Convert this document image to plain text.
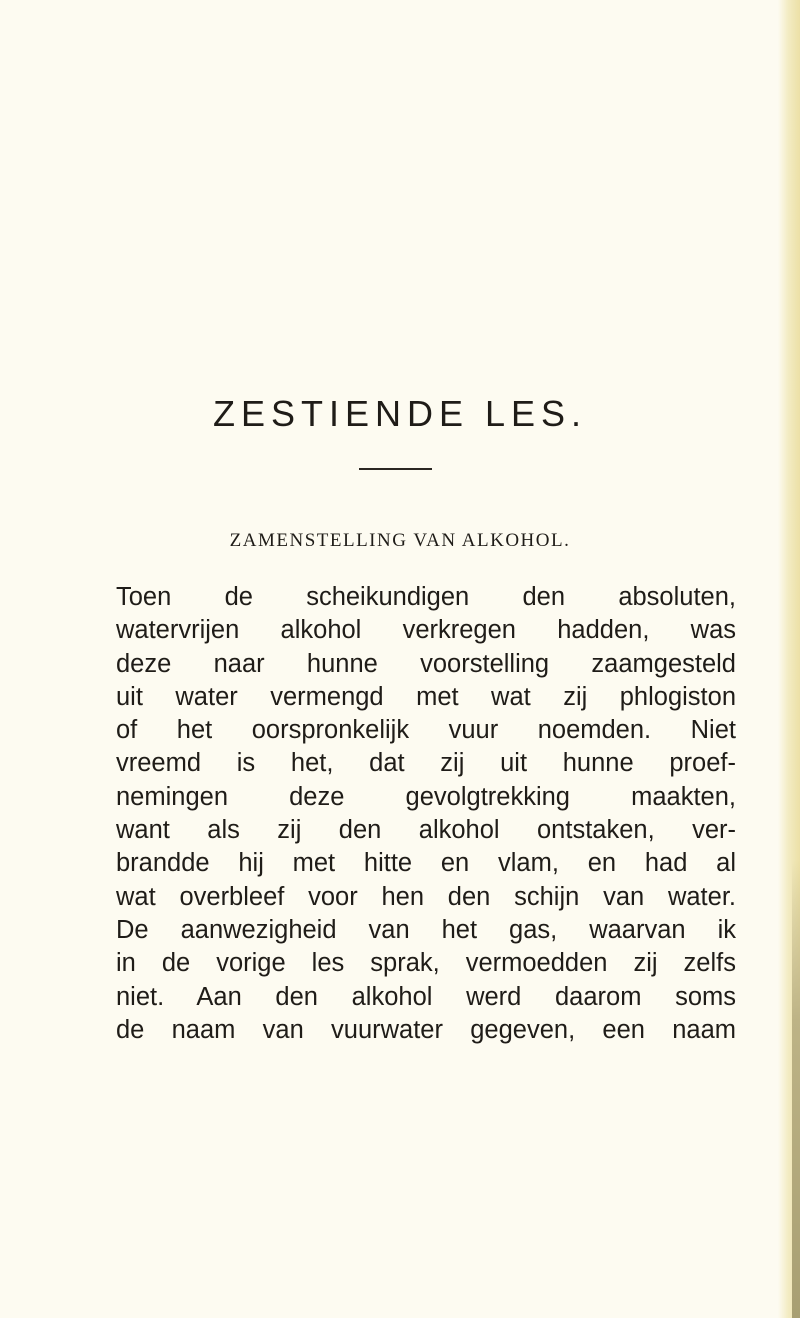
ZESTIENDE LES.
ZAMENSTELLING VAN ALKOHOL.
Toen de scheikundigen den absoluten,
watervrijen alkohol verkregen hadden, was
deze naar hunne voorstelling zaamgesteld
uit water vermengd met wat zij phlogiston
of het oorspronkelijk vuur noemden. Niet
vreemd is het, dat zij uit hunne proef-
nemingen deze gevolgtrekking maakten,
want als zij den alkohol ontstaken, ver-
brandde hij met hitte en vlam, en had al
wat overbleef voor hen den schijn van water.
De aanwezigheid van het gas, waarvan ik
in de vorige les sprak, vermoedden zij zelfs
niet. Aan den alkohol werd daarom soms
de naam van vuurwater gegeven, een naam
